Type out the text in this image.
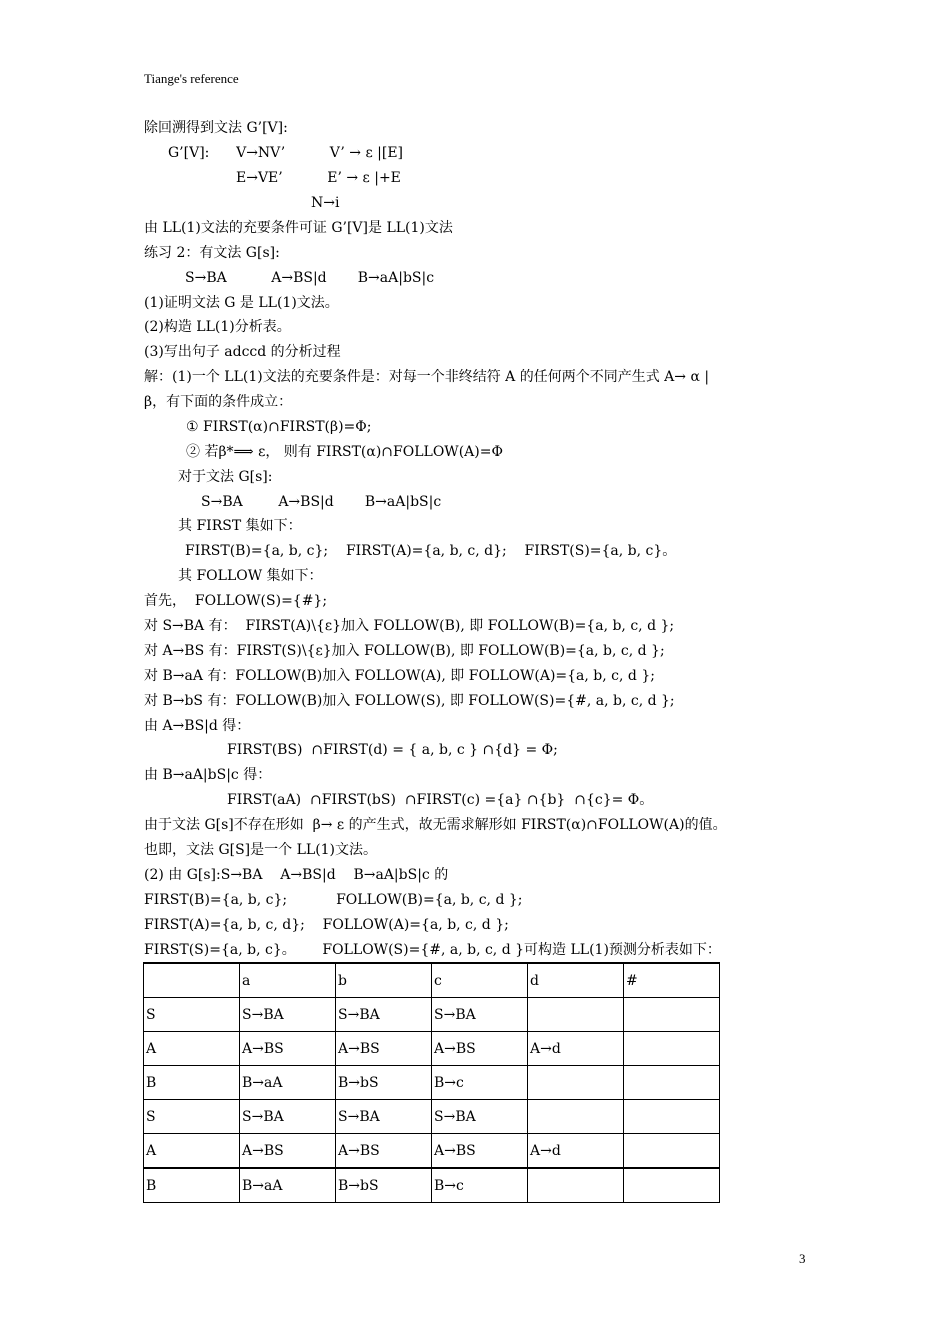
Tiange's reference
除回溯得到文法 G’[V]:
G’[V]:      V→NV’          V’ → ε |[E]
E→VE’          E’ → ε |+E
N→i
由 LL(1)文法的充要条件可证 G’[V]是 LL(1)文法
练习 2：有文法 G[s]:
S→BA          A→BS|d       B→aA|bS|c
(1)证明文法 G 是 LL(1)文法。
(2)构造 LL(1)分析表。
(3)写出句子 adccd 的分析过程
解：(1)一个 LL(1)文法的充要条件是：对每一个非终结符 A 的任何两个不同产生式 A→ α |
β，有下面的条件成立：
① FIRST(α)∩FIRST(β)=Φ;
② 若β*⟹ ε， 则有 FIRST(α)∩FOLLOW(A)=Φ
对于文法 G[s]:
S→BA        A→BS|d       B→aA|bS|c
其 FIRST 集如下：
FIRST(B)={a, b, c};    FIRST(A)={a, b, c, d};    FIRST(S)={a, b, c}。
其 FOLLOW 集如下：
首先，  FOLLOW(S)={#};
对 S→BA 有：  FIRST(A)\{ε}加入 FOLLOW(B), 即 FOLLOW(B)={a, b, c, d };
对 A→BS 有：FIRST(S)\{ε}加入 FOLLOW(B), 即 FOLLOW(B)={a, b, c, d };
对 B→aA 有：FOLLOW(B)加入 FOLLOW(A), 即 FOLLOW(A)={a, b, c, d };
对 B→bS 有：FOLLOW(B)加入 FOLLOW(S), 即 FOLLOW(S)={#, a, b, c, d };
由 A→BS|d 得：
FIRST(BS)  ∩FIRST(d) = { a, b, c } ∩{d} = Φ;
由 B→aA|bS|c 得：
FIRST(aA)  ∩FIRST(bS)  ∩FIRST(c) ={a} ∩{b}  ∩{c}= Φ。
由于文法 G[s]不存在形如  β→ ε 的产生式，故无需求解形如 FIRST(α)∩FOLLOW(A)的值。
也即，文法 G[S]是一个 LL(1)文法。
(2) 由 G[s]:S→BA    A→BS|d    B→aA|bS|c 的
FIRST(B)={a, b, c};           FOLLOW(B)={a, b, c, d };
FIRST(A)={a, b, c, d};    FOLLOW(A)={a, b, c, d };
FIRST(S)={a, b, c}。      FOLLOW(S)={#, a, b, c, d }可构造 LL(1)预测分析表如下：
	a	b	c	d	#
S	S→BA	S→BA	S→BA		
A	A→BS	A→BS	A→BS	A→d	
B	B→aA	B→bS	B→c		
S	S→BA	S→BA	S→BA		
A	A→BS	A→BS	A→BS	A→d	
B	B→aA	B→bS	B→c		
3
